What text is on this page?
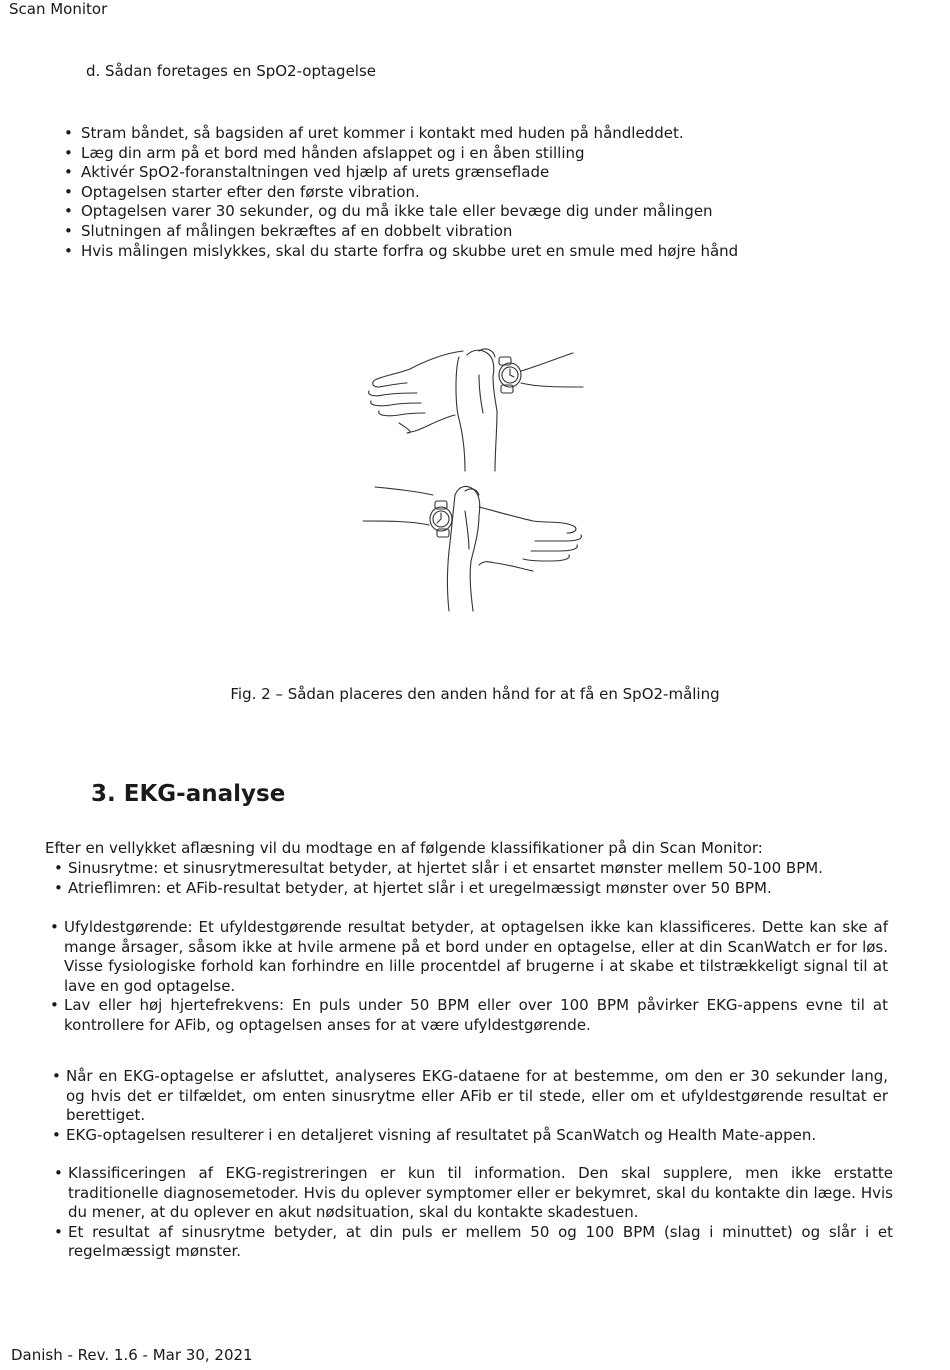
Scan Monitor
d. Sådan foretages en SpO2-optagelse
• Stram båndet, så bagsiden af uret kommer i kontakt med huden på håndleddet.
• Læg din arm på et bord med hånden afslappet og i en åben stilling
• Aktivér SpO2-foranstaltningen ved hjælp af urets grænseflade
• Optagelsen starter efter den første vibration.
• Optagelsen varer 30 sekunder, og du må ikke tale eller bevæge dig under målingen
• Slutningen af målingen bekræftes af en dobbelt vibration
• Hvis målingen mislykkes, skal du starte forfra og skubbe uret en smule med højre hånd
Fig. 2 – Sådan placeres den anden hånd for at få en SpO2-måling
3. EKG-analyse
Efter en vellykket aflæsning vil du modtage en af følgende klassifikationer på din Scan Monitor:
• Sinusrytme: et sinusrytmeresultat betyder, at hjertet slår i et ensartet mønster mellem 50-100 BPM.
• Atrieflimren: et AFib-resultat betyder, at hjertet slår i et uregelmæssigt mønster over 50 BPM.
• Ufyldestgørende: Et ufyldestgørende resultat betyder, at optagelsen ikke kan klassificeres. Dette kan ske af mange årsager, såsom ikke at hvile armene på et bord under en optagelse, eller at din ScanWatch er for løs. Visse fysiologiske forhold kan forhindre en lille procentdel af brugerne i at skabe et tilstrækkeligt signal til at lave en god optagelse.
• Lav eller høj hjertefrekvens: En puls under 50 BPM eller over 100 BPM påvirker EKG-appens evne til at kontrollere for AFib, og optagelsen anses for at være ufyldestgørende.
• Når en EKG-optagelse er afsluttet, analyseres EKG-dataene for at bestemme, om den er 30 sekunder lang, og hvis det er tilfældet, om enten sinusrytme eller AFib er til stede, eller om et ufyldestgørende resultat er berettiget.
• EKG-optagelsen resulterer i en detaljeret visning af resultatet på ScanWatch og Health Mate-appen.
• Klassificeringen af EKG-registreringen er kun til information. Den skal supplere, men ikke erstatte traditionelle diagnosemetoder. Hvis du oplever symptomer eller er bekymret, skal du kontakte din læge. Hvis du mener, at du oplever en akut nødsituation, skal du kontakte skadestuen.
• Et resultat af sinusrytme betyder, at din puls er mellem 50 og 100 BPM (slag i minuttet) og slår i et regelmæssigt mønster.
Danish - Rev. 1.6 - Mar 30, 2021
